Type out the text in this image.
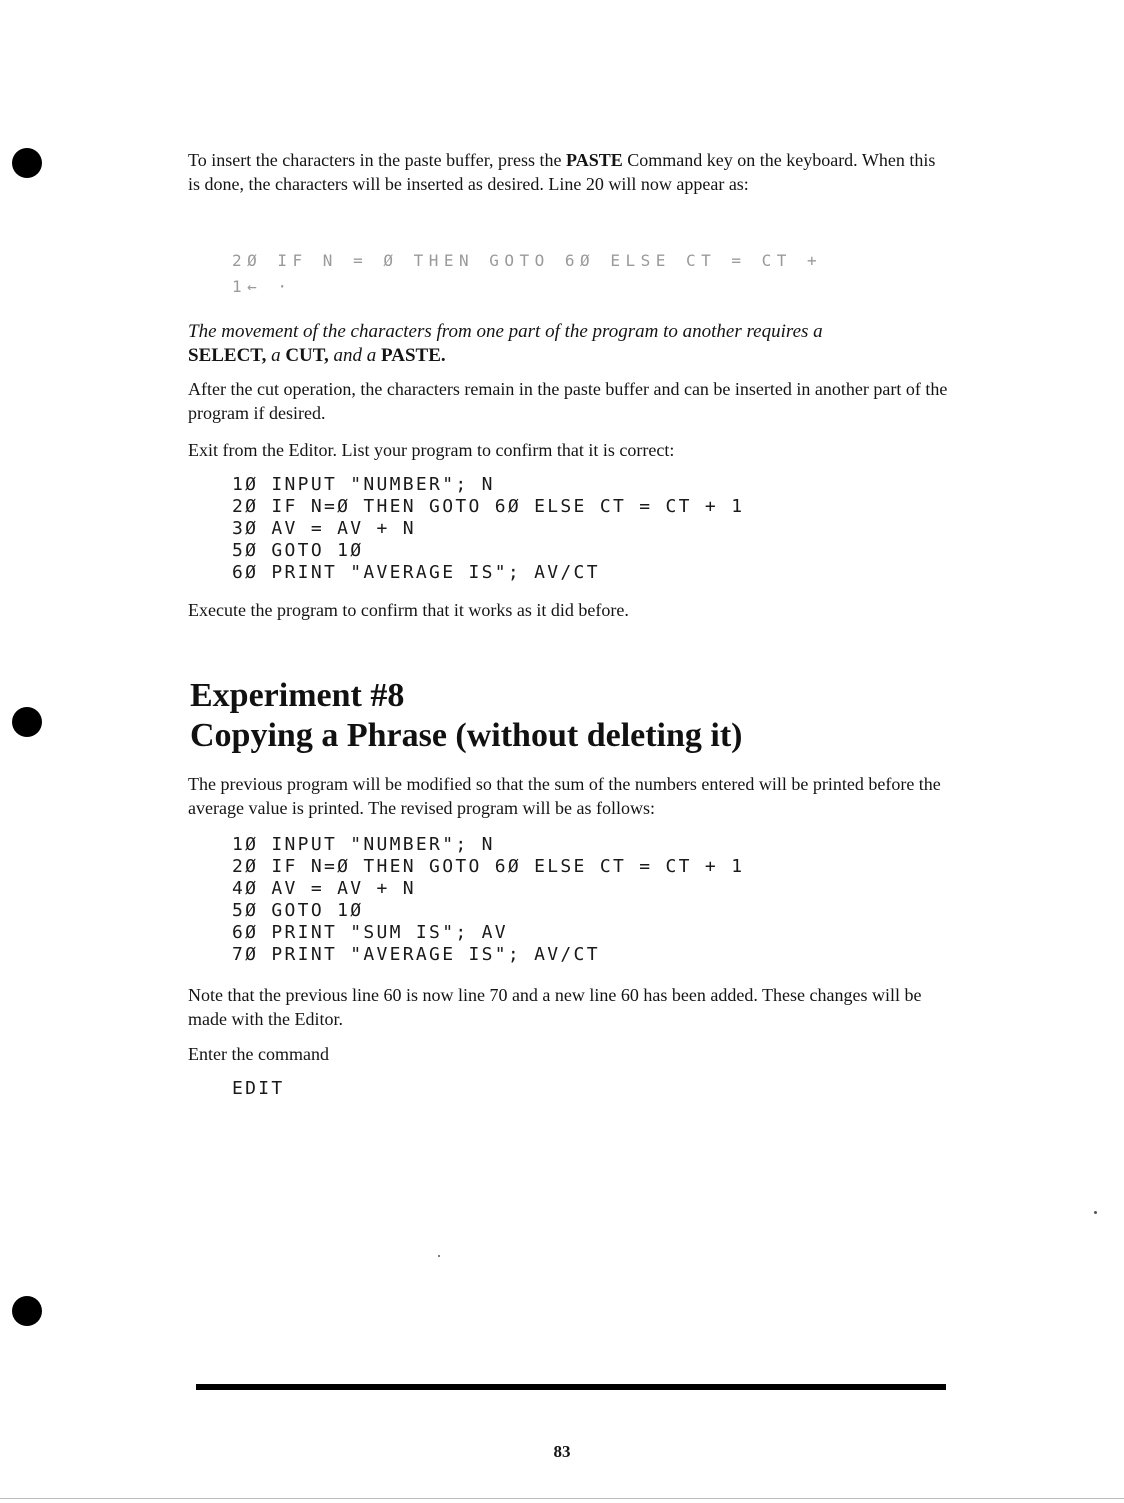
To insert the characters in the paste buffer, press the PASTE Command key on the keyboard. When this is done, the characters will be inserted as desired. Line 20 will now appear as:

2Ø IF N = Ø THEN GOTO 6Ø ELSE CT = CT +
1← ·

The movement of the characters from one part of the program to another requires a
SELECT, a CUT, and a PASTE.

After the cut operation, the characters remain in the paste buffer and can be inserted in another part of the program if desired.

Exit from the Editor. List your program to confirm that it is correct:

1Ø INPUT "NUMBER"; N
2Ø IF N=Ø THEN GOTO 6Ø ELSE CT = CT + 1
3Ø AV = AV + N
5Ø GOTO 1Ø
6Ø PRINT "AVERAGE IS"; AV/CT

Execute the program to confirm that it works as it did before.

Experiment #8
Copying a Phrase (without deleting it)

The previous program will be modified so that the sum of the numbers entered will be printed before the average value is printed. The revised program will be as follows:

1Ø INPUT "NUMBER"; N
2Ø IF N=Ø THEN GOTO 6Ø ELSE CT = CT + 1
4Ø AV = AV + N
5Ø GOTO 1Ø
6Ø PRINT "SUM IS"; AV
7Ø PRINT "AVERAGE IS"; AV/CT

Note that the previous line 60 is now line 70 and a new line 60 has been added. These changes will be made with the Editor.

Enter the command

EDIT
83
